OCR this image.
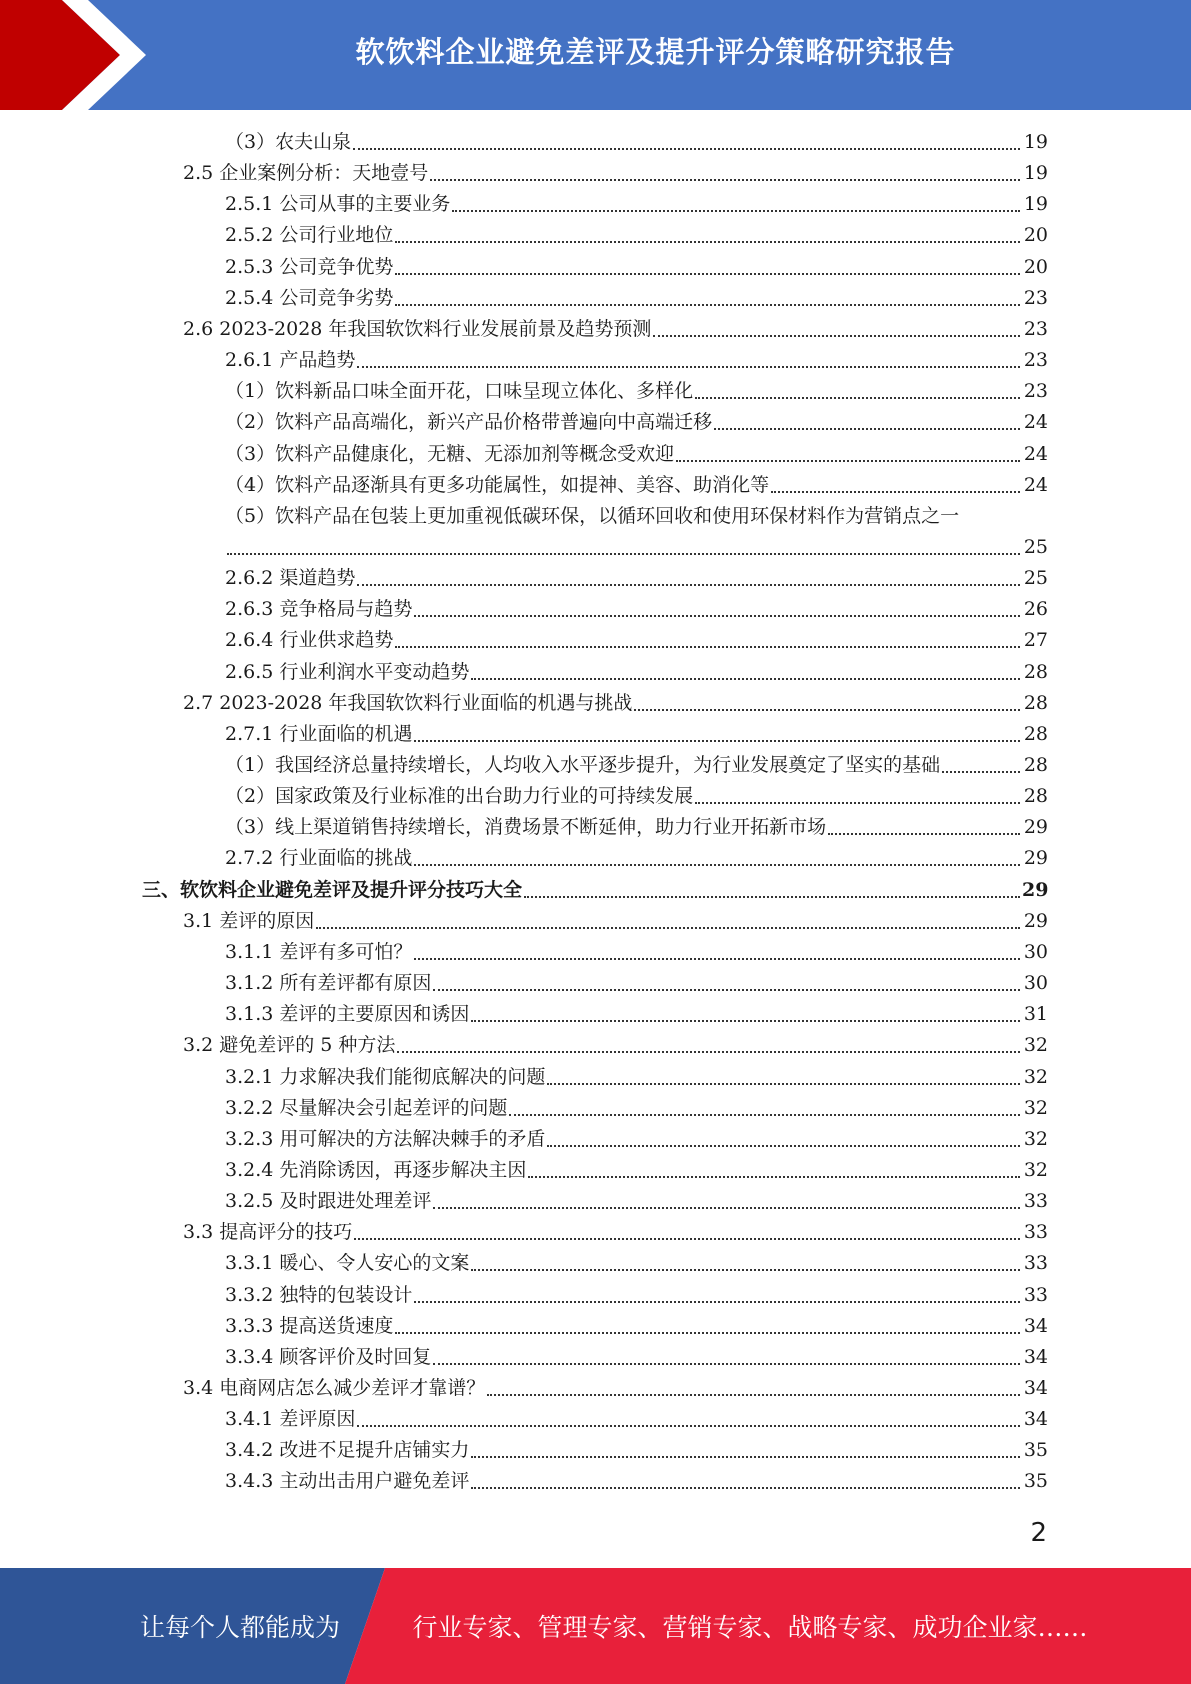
软饮料企业避免差评及提升评分策略研究报告
（3）农夫山泉	19
2.5 企业案例分析：天地壹号	19
2.5.1 公司从事的主要业务	19
2.5.2 公司行业地位	20
2.5.3 公司竞争优势	20
2.5.4 公司竞争劣势	23
2.6 2023-2028 年我国软饮料行业发展前景及趋势预测	23
2.6.1 产品趋势	23
（1）饮料新品口味全面开花，口味呈现立体化、多样化	23
（2）饮料产品高端化，新兴产品价格带普遍向中高端迁移	24
（3）饮料产品健康化，无糖、无添加剂等概念受欢迎	24
（4）饮料产品逐渐具有更多功能属性，如提神、美容、助消化等	24
（5）饮料产品在包装上更加重视低碳环保，以循环回收和使用环保材料作为营销点之一
25
2.6.2 渠道趋势	25
2.6.3 竞争格局与趋势	26
2.6.4 行业供求趋势	27
2.6.5 行业利润水平变动趋势	28
2.7 2023-2028 年我国软饮料行业面临的机遇与挑战	28
2.7.1 行业面临的机遇	28
（1）我国经济总量持续增长，人均收入水平逐步提升，为行业发展奠定了坚实的基础	28
（2）国家政策及行业标准的出台助力行业的可持续发展	28
（3）线上渠道销售持续增长，消费场景不断延伸，助力行业开拓新市场	29
2.7.2 行业面临的挑战	29
三、软饮料企业避免差评及提升评分技巧大全	29
3.1 差评的原因	29
3.1.1 差评有多可怕？	30
3.1.2 所有差评都有原因	30
3.1.3 差评的主要原因和诱因	31
3.2 避免差评的 5 种方法	32
3.2.1 力求解决我们能彻底解决的问题	32
3.2.2 尽量解决会引起差评的问题	32
3.2.3 用可解决的方法解决棘手的矛盾	32
3.2.4 先消除诱因，再逐步解决主因	32
3.2.5 及时跟进处理差评	33
3.3 提高评分的技巧	33
3.3.1 暖心、令人安心的文案	33
3.3.2 独特的包装设计	33
3.3.3 提高送货速度	34
3.3.4 顾客评价及时回复	34
3.4 电商网店怎么减少差评才靠谱？	34
3.4.1 差评原因	34
3.4.2 改进不足提升店铺实力	35
3.4.3 主动出击用户避免差评	35
2
让每个人都能成为	行业专家、管理专家、营销专家、战略专家、成功企业家……
